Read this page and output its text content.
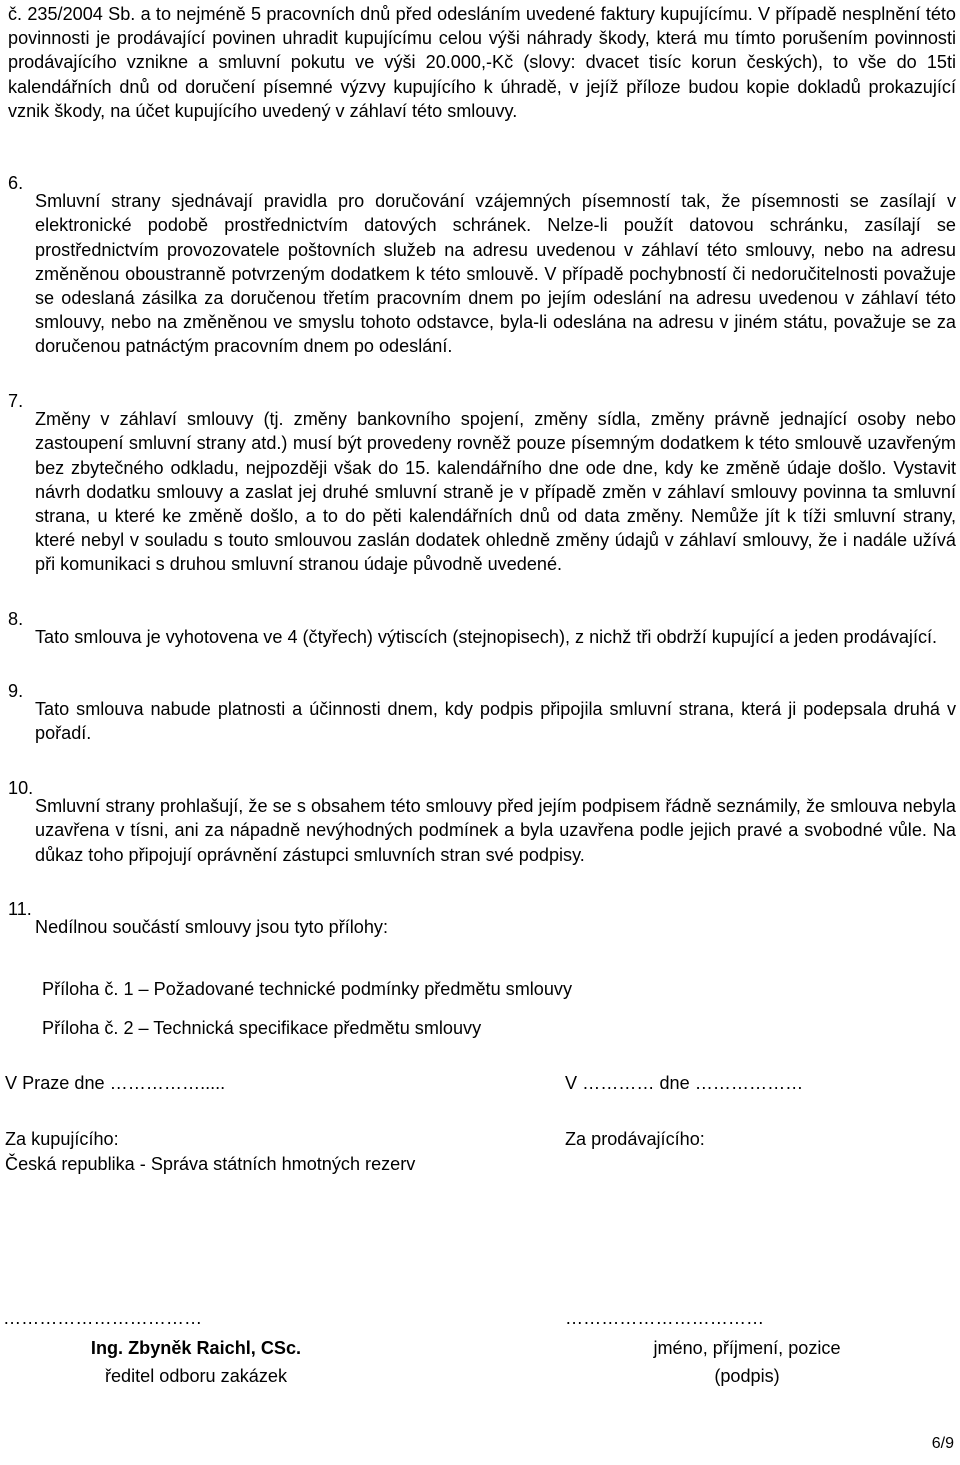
č. 235/2004 Sb. a to nejméně 5 pracovních dnů před odesláním uvedené faktury kupujícímu. V případě nesplnění této povinnosti je prodávající povinen uhradit kupujícímu celou výši náhrady škody, která mu tímto porušením povinnosti prodávajícího vznikne a smluvní pokutu ve výši 20.000,-Kč (slovy: dvacet tisíc korun českých), to vše do 15ti kalendářních dnů od doručení písemné výzvy kupujícího k úhradě, v jejíž příloze budou kopie dokladů prokazující vznik škody, na účet kupujícího uvedený v záhlaví této smlouvy.

6.

Smluvní strany sjednávají pravidla pro doručování vzájemných písemností tak, že písemnosti se zasílají v elektronické podobě prostřednictvím datových schránek. Nelze-li použít datovou schránku, zasílají se prostřednictvím provozovatele poštovních služeb na adresu uvedenou v záhlaví této smlouvy, nebo na adresu změněnou oboustranně potvrzeným dodatkem k této smlouvě. V případě pochybností či nedoručitelnosti považuje se odeslaná zásilka za doručenou třetím pracovním dnem po jejím odeslání na adresu uvedenou v záhlaví této smlouvy, nebo na změněnou ve smyslu tohoto odstavce, byla-li odeslána na adresu v jiném státu, považuje se za doručenou patnáctým pracovním dnem po odeslání.

7.

Změny v záhlaví smlouvy (tj. změny bankovního spojení, změny sídla, změny právně jednající osoby nebo zastoupení smluvní strany atd.) musí být provedeny rovněž pouze písemným dodatkem k této smlouvě uzavřeným bez zbytečného odkladu, nejpozději však do 15. kalendářního dne ode dne, kdy ke změně údaje došlo. Vystavit návrh dodatku smlouvy a zaslat jej druhé smluvní straně je v případě změn v záhlaví smlouvy povinna ta smluvní strana, u které ke změně došlo, a to do pěti kalendářních dnů od data změny. Nemůže jít k tíži smluvní strany, které nebyl v souladu s touto smlouvou zaslán dodatek ohledně změny údajů v záhlaví smlouvy, že i nadále užívá při komunikaci s druhou smluvní stranou údaje původně uvedené.

8.

Tato smlouva je vyhotovena ve 4 (čtyřech) výtiscích (stejnopisech), z nichž tři obdrží kupující a jeden prodávající.

9.

Tato smlouva nabude platnosti a účinnosti dnem, kdy podpis připojila smluvní strana, která ji podepsala druhá v pořadí.

10.

Smluvní strany prohlašují, že se s obsahem této smlouvy před jejím podpisem řádně seznámily, že smlouva nebyla uzavřena v tísni, ani za nápadně nevýhodných podmínek a byla uzavřena podle jejich pravé a svobodné vůle. Na důkaz toho připojují oprávnění zástupci smluvních stran své podpisy.

11.

Nedílnou součástí smlouvy jsou tyto přílohy:

Příloha č. 1 – Požadované technické podmínky předmětu smlouvy
Příloha č. 2 – Technická specifikace předmětu smlouvy
V Praze dne …………….....	V ………… dne ………………
Za kupujícího:
Česká republika - Správa státních hmotných rezerv
Za prodávajícího:
……………………………	……………………………
Ing. Zbyněk Raichl, CSc.
ředitel odboru zakázek
jméno, příjmení, pozice
(podpis)
6/9
